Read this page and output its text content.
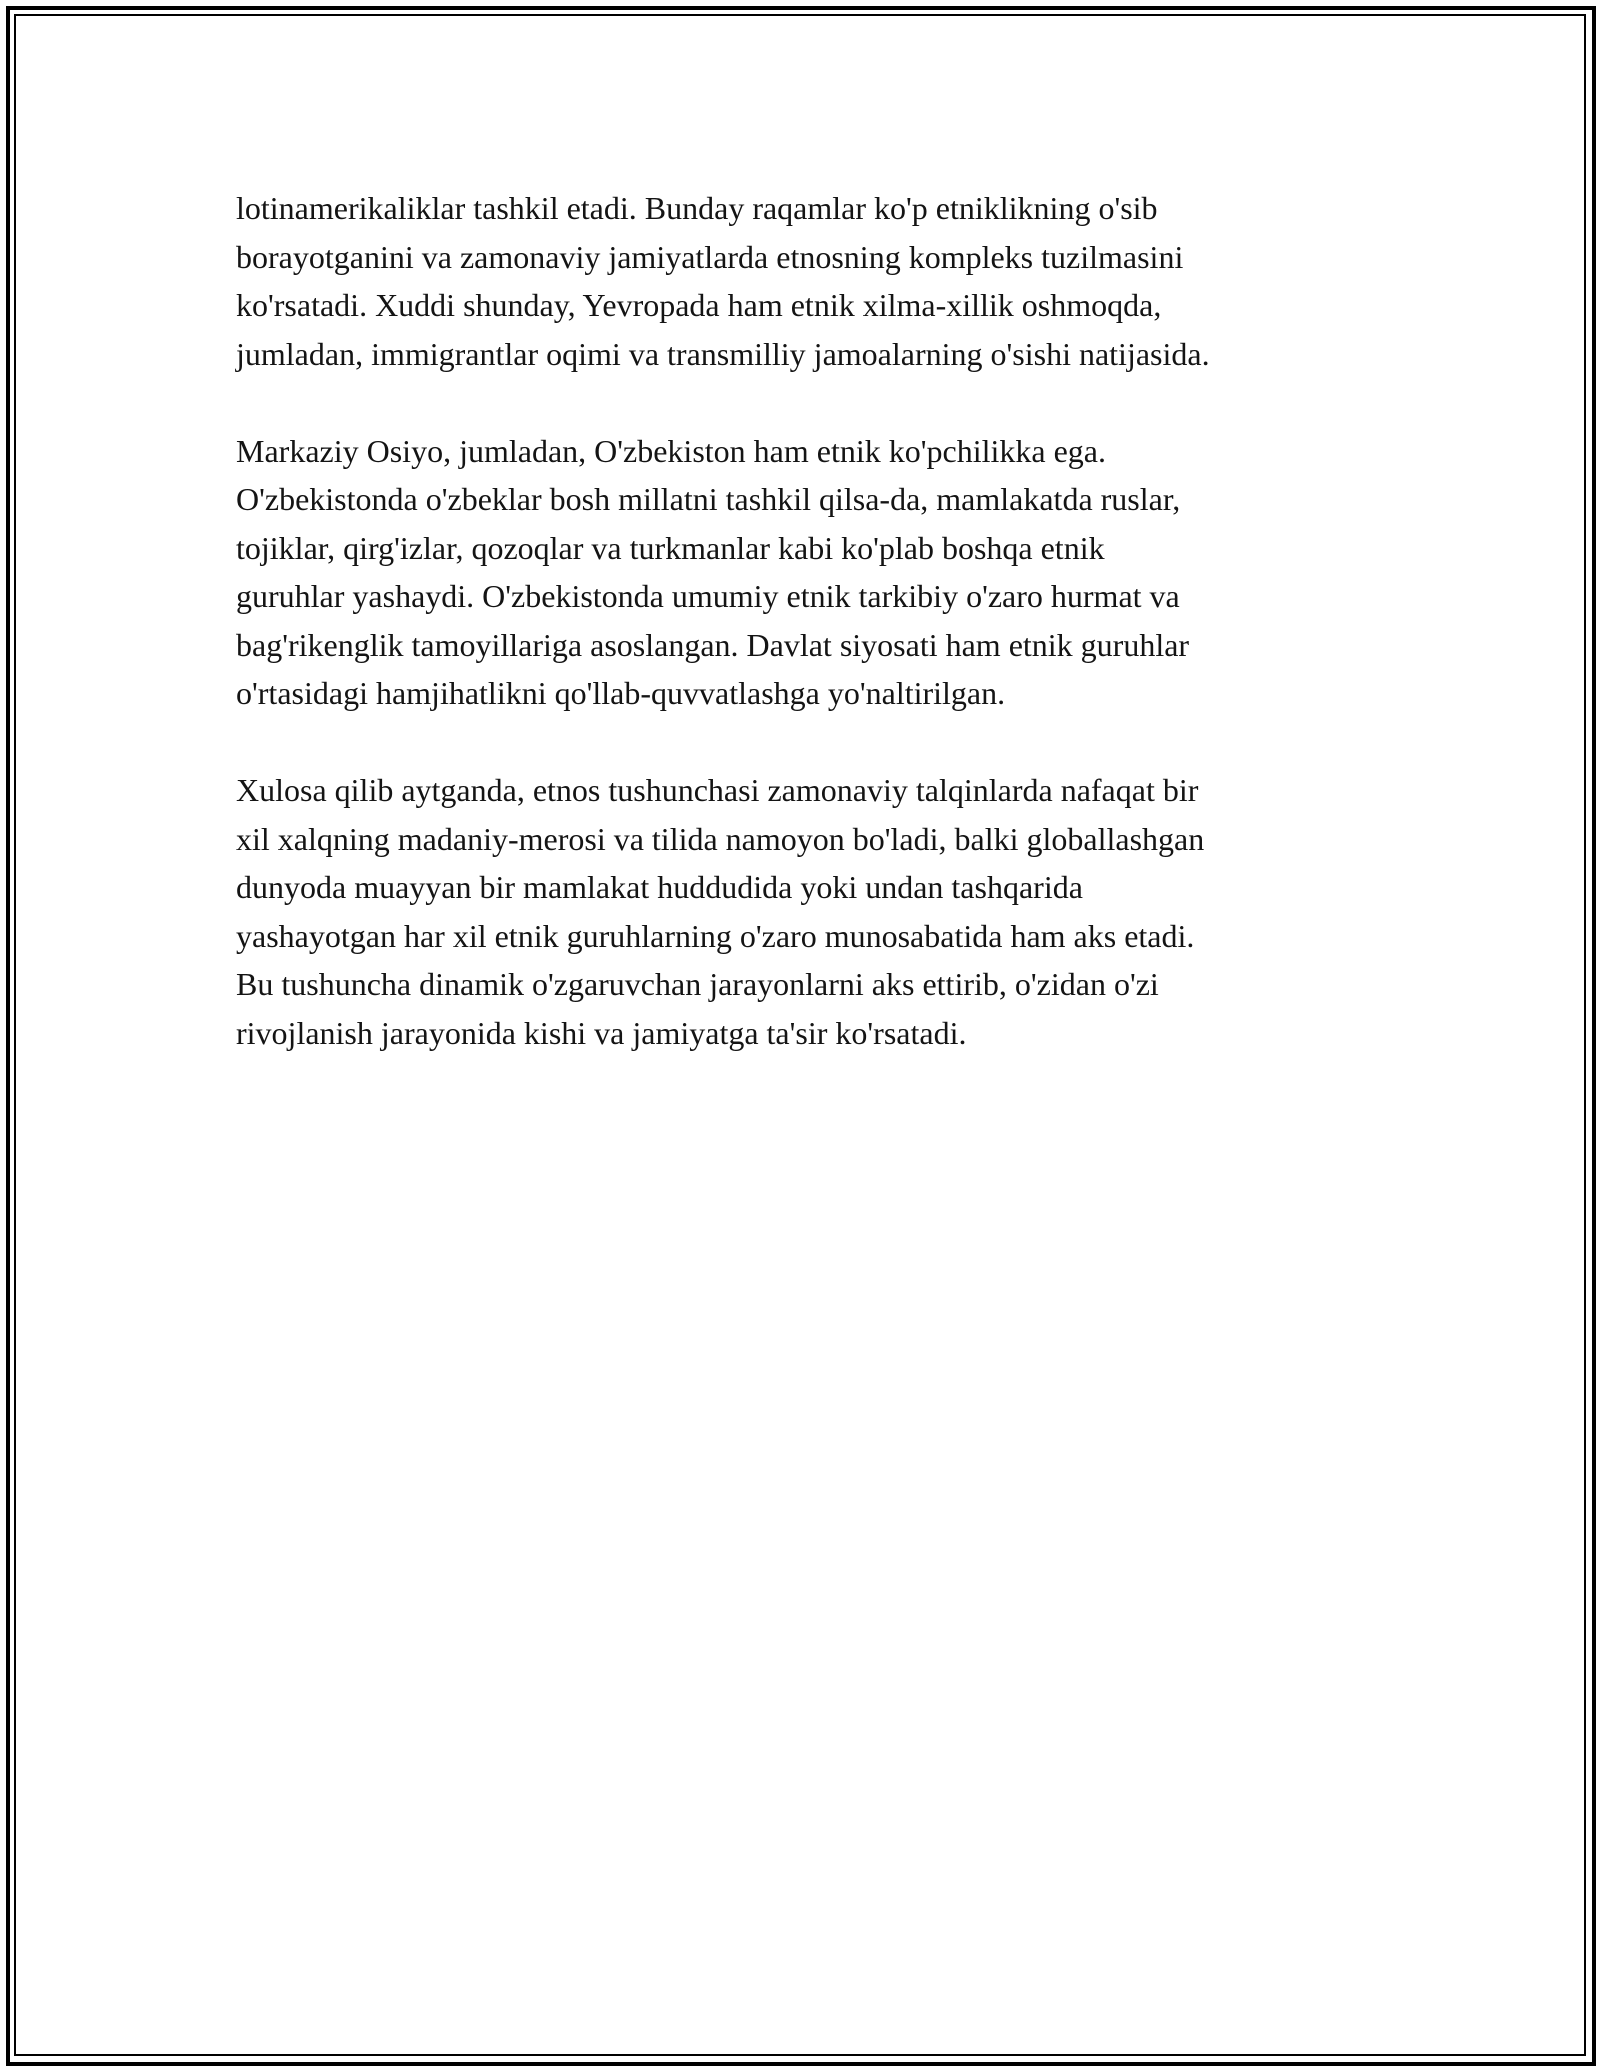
lotinamerikaliklar tashkil etadi. Bunday raqamlar ko'p etniklikning o'sib
borayotganini va zamonaviy jamiyatlarda etnosning kompleks tuzilmasini
ko'rsatadi. Xuddi shunday, Yevropada ham etnik xilma-xillik oshmoqda,
jumladan, immigrantlar oqimi va transmilliy jamoalarning o'sishi natijasida.

Markaziy Osiyo, jumladan, O'zbekiston ham etnik ko'pchilikka ega.
O'zbekistonda o'zbeklar bosh millatni tashkil qilsa-da, mamlakatda ruslar,
tojiklar, qirg'izlar, qozoqlar va turkmanlar kabi ko'plab boshqa etnik
guruhlar yashaydi. O'zbekistonda umumiy etnik tarkibiy o'zaro hurmat va
bag'rikenglik tamoyillariga asoslangan. Davlat siyosati ham etnik guruhlar
o'rtasidagi hamjihatlikni qo'llab-quvvatlashga yo'naltirilgan.

Xulosa qilib aytganda, etnos tushunchasi zamonaviy talqinlarda nafaqat bir
xil xalqning madaniy-merosi va tilida namoyon bo'ladi, balki globallashgan
dunyoda muayyan bir mamlakat huddudida yoki undan tashqarida
yashayotgan har xil etnik guruhlarning o'zaro munosabatida ham aks etadi.
Bu tushuncha dinamik o'zgaruvchan jarayonlarni aks ettirib, o'zidan o'zi
rivojlanish jarayonida kishi va jamiyatga ta'sir ko'rsatadi.
